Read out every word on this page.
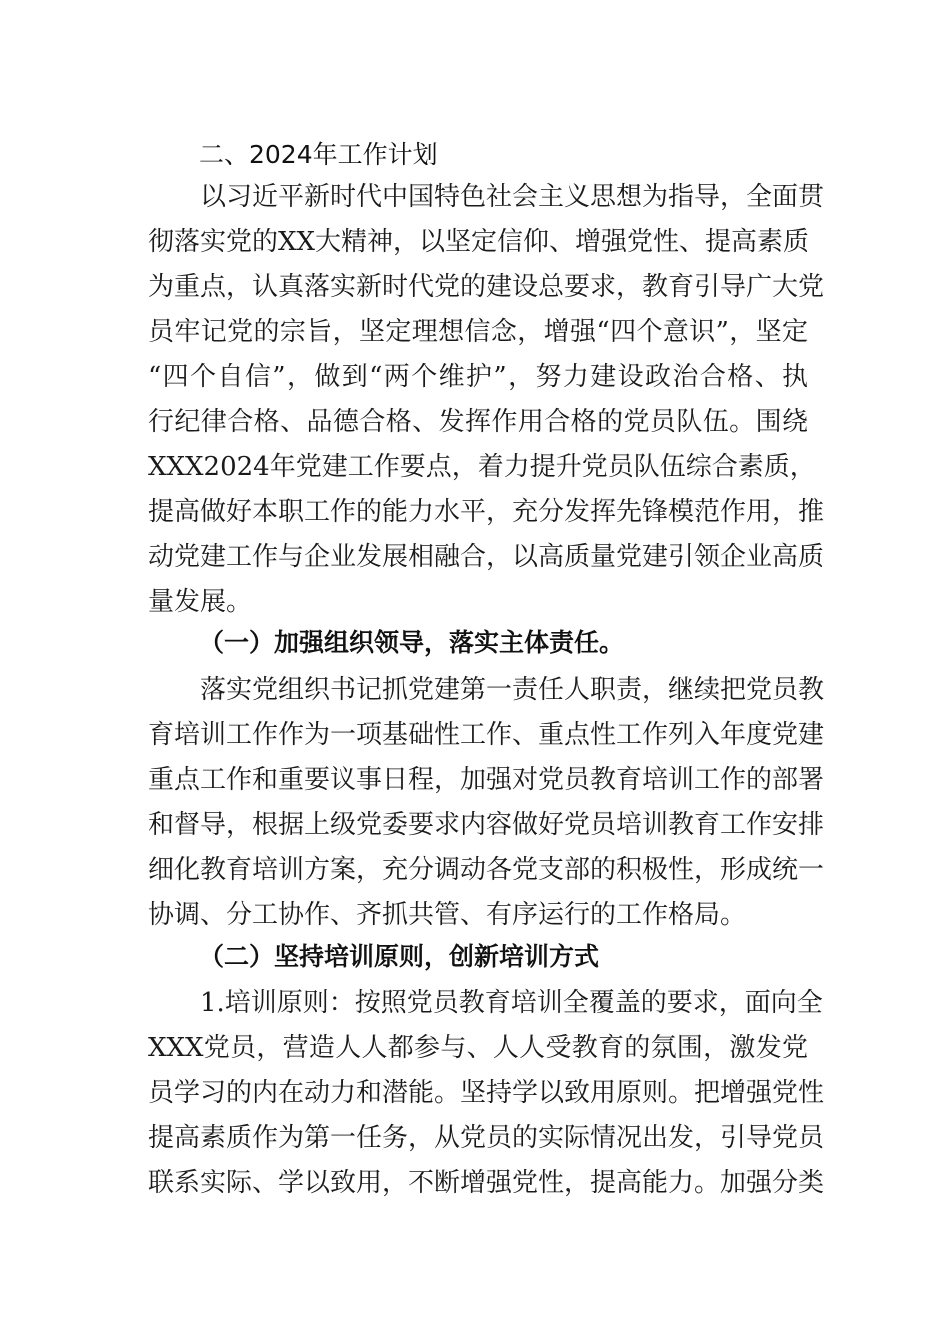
二、2024年工作计划
以习近平新时代中国特色社会主义思想为指导，全面贯
彻落实党的XX大精神，以坚定信仰、增强党性、提高素质
为重点，认真落实新时代党的建设总要求，教育引导广大党
员牢记党的宗旨，坚定理想信念，增强“四个意识”，坚定
“四个自信”，做到“两个维护”，努力建设政治合格、执
行纪律合格、品德合格、发挥作用合格的党员队伍。围绕
XXX2024年党建工作要点，着力提升党员队伍综合素质，
提高做好本职工作的能力水平，充分发挥先锋模范作用，推
动党建工作与企业发展相融合，以高质量党建引领企业高质
量发展。
（一）加强组织领导，落实主体责任。
落实党组织书记抓党建第一责任人职责，继续把党员教
育培训工作作为一项基础性工作、重点性工作列入年度党建
重点工作和重要议事日程，加强对党员教育培训工作的部署
和督导，根据上级党委要求内容做好党员培训教育工作安排
细化教育培训方案，充分调动各党支部的积极性，形成统一
协调、分工协作、齐抓共管、有序运行的工作格局。
（二）坚持培训原则，创新培训方式
1.培训原则：按照党员教育培训全覆盖的要求，面向全
XXX党员，营造人人都参与、人人受教育的氛围，激发党
员学习的内在动力和潜能。坚持学以致用原则。把增强党性
提高素质作为第一任务，从党员的实际情况出发，引导党员
联系实际、学以致用，不断增强党性，提高能力。加强分类
